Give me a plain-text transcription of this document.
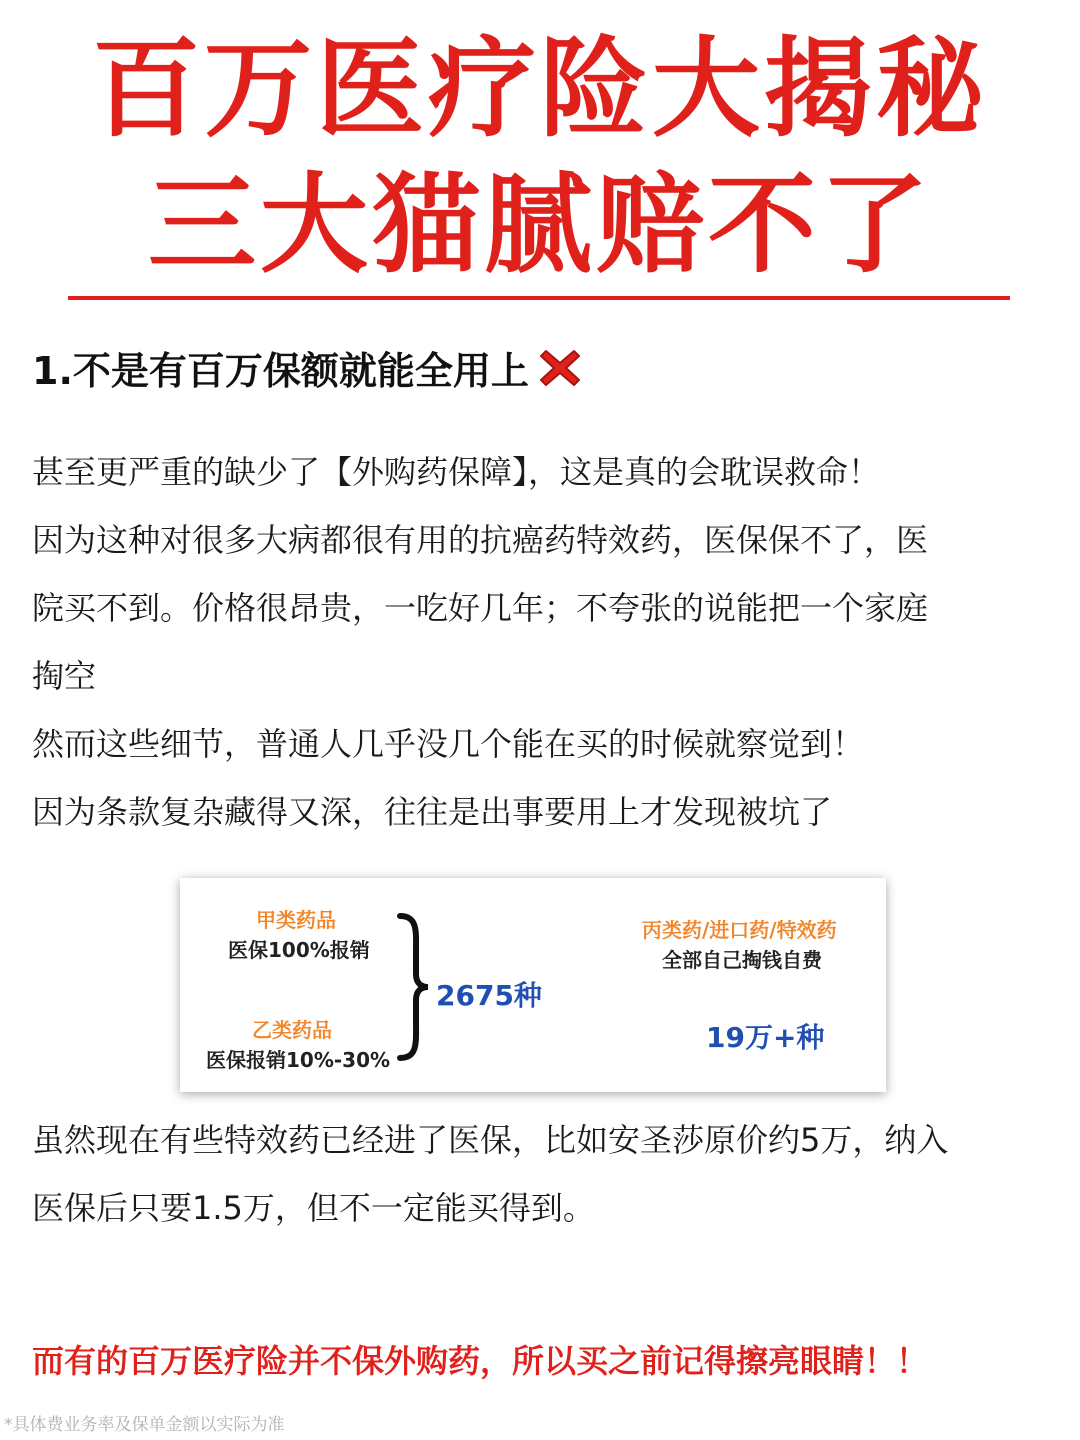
百万医疗险大揭秘
三大猫腻赔不了
1.不是有百万保额就能全用上
甚至更严重的缺少了【外购药保障】，这是真的会耽误救命！
因为这种对很多大病都很有用的抗癌药特效药，医保保不了，医
院买不到。价格很昂贵，一吃好几年；不夸张的说能把一个家庭
掏空
然而这些细节，普通人几乎没几个能在买的时候就察觉到！
因为条款复杂藏得又深，往往是出事要用上才发现被坑了
甲类药品
医保100%报销
乙类药品
医保报销10%-30%
2675种
丙类药/进口药/特效药
全部自己掏钱自费
19万+种
虽然现在有些特效药已经进了医保，比如安圣莎原价约5万，纳入
医保后只要1.5万，但不一定能买得到。
而有的百万医疗险并不保外购药，所以买之前记得擦亮眼睛！！
*具体费业务率及保单金额以实际为准
